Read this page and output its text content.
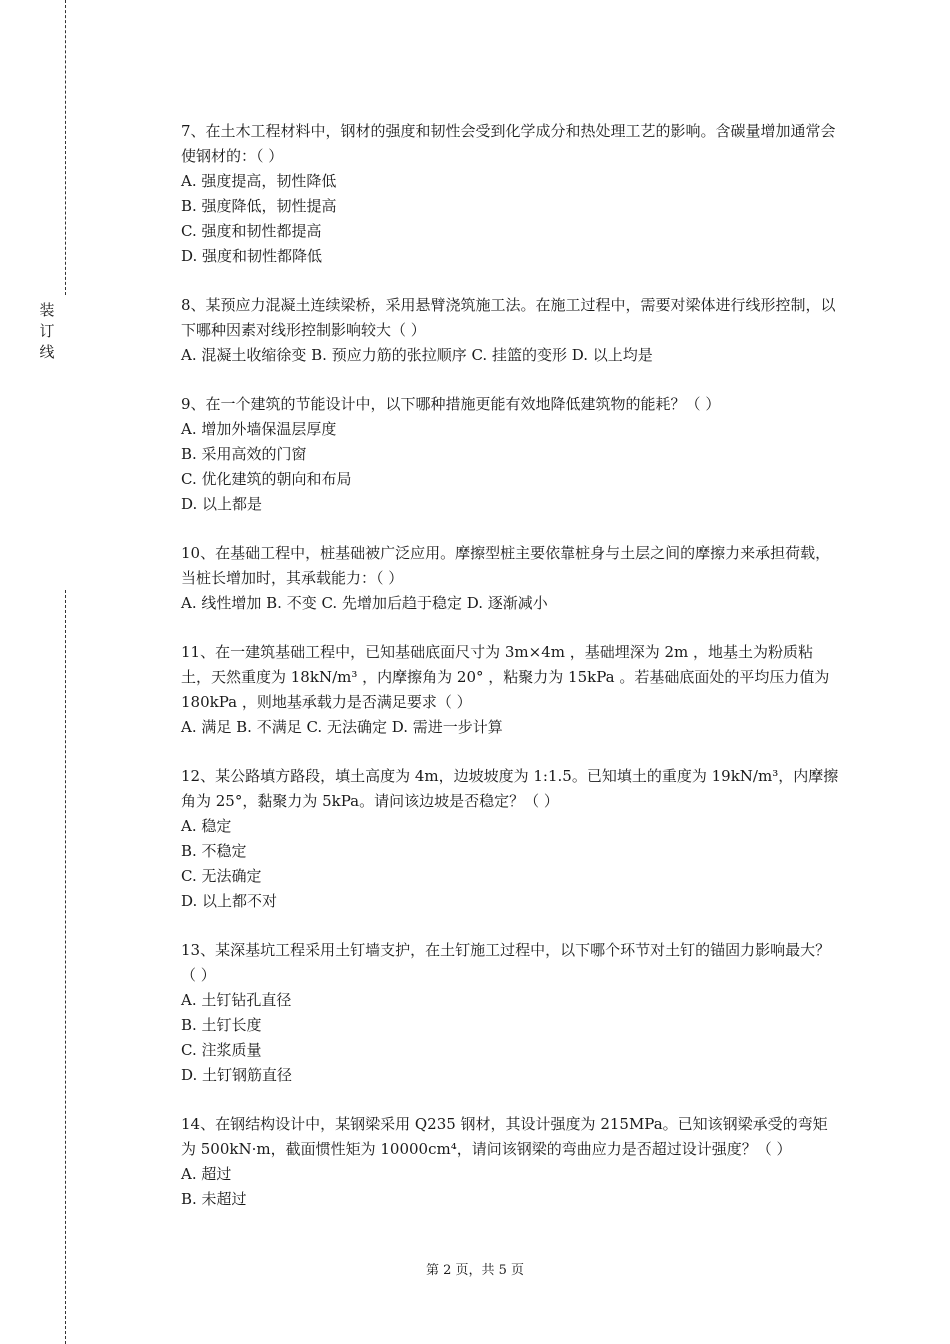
装
订
线

7、在土木工程材料中，钢材的强度和韧性会受到化学成分和热处理工艺的影响。含碳量增加通常会使钢材的：（ ）

A. 强度提高，韧性降低
B. 强度降低，韧性提高
C. 强度和韧性都提高
D. 强度和韧性都降低

8、某预应力混凝土连续梁桥，采用悬臂浇筑施工法。在施工过程中，需要对梁体进行线形控制，以下哪种因素对线形控制影响较大（ ）

A. 混凝土收缩徐变 B. 预应力筋的张拉顺序 C. 挂篮的变形 D. 以上均是

9、在一个建筑的节能设计中，以下哪种措施更能有效地降低建筑物的能耗？（ ）

A. 增加外墙保温层厚度
B. 采用高效的门窗
C. 优化建筑的朝向和布局
D. 以上都是

10、在基础工程中，桩基础被广泛应用。摩擦型桩主要依靠桩身与土层之间的摩擦力来承担荷载，当桩长增加时，其承载能力：（ ）

A. 线性增加 B. 不变 C. 先增加后趋于稳定 D. 逐渐减小

11、在一建筑基础工程中，已知基础底面尺寸为 3m×4m ，基础埋深为 2m ，地基土为粉质粘土，天然重度为 18kN/m³ ，内摩擦角为 20° ，粘聚力为 15kPa 。若基础底面处的平均压力值为 180kPa ，则地基承载力是否满足要求（ ）

A. 满足 B. 不满足 C. 无法确定 D. 需进一步计算

12、某公路填方路段，填土高度为 4m，边坡坡度为 1:1.5。已知填土的重度为 19kN/m³，内摩擦角为 25°，黏聚力为 5kPa。请问该边坡是否稳定？（ ）

A. 稳定
B. 不稳定
C. 无法确定
D. 以上都不对

13、某深基坑工程采用土钉墙支护，在土钉施工过程中，以下哪个环节对土钉的锚固力影响最大？（ ）

A. 土钉钻孔直径
B. 土钉长度
C. 注浆质量
D. 土钉钢筋直径

14、在钢结构设计中，某钢梁采用 Q235 钢材，其设计强度为 215MPa。已知该钢梁承受的弯矩为 500kN·m，截面惯性矩为 10000cm⁴，请问该钢梁的弯曲应力是否超过设计强度？（ ）

A. 超过
B. 未超过
第 2 页，共 5 页
